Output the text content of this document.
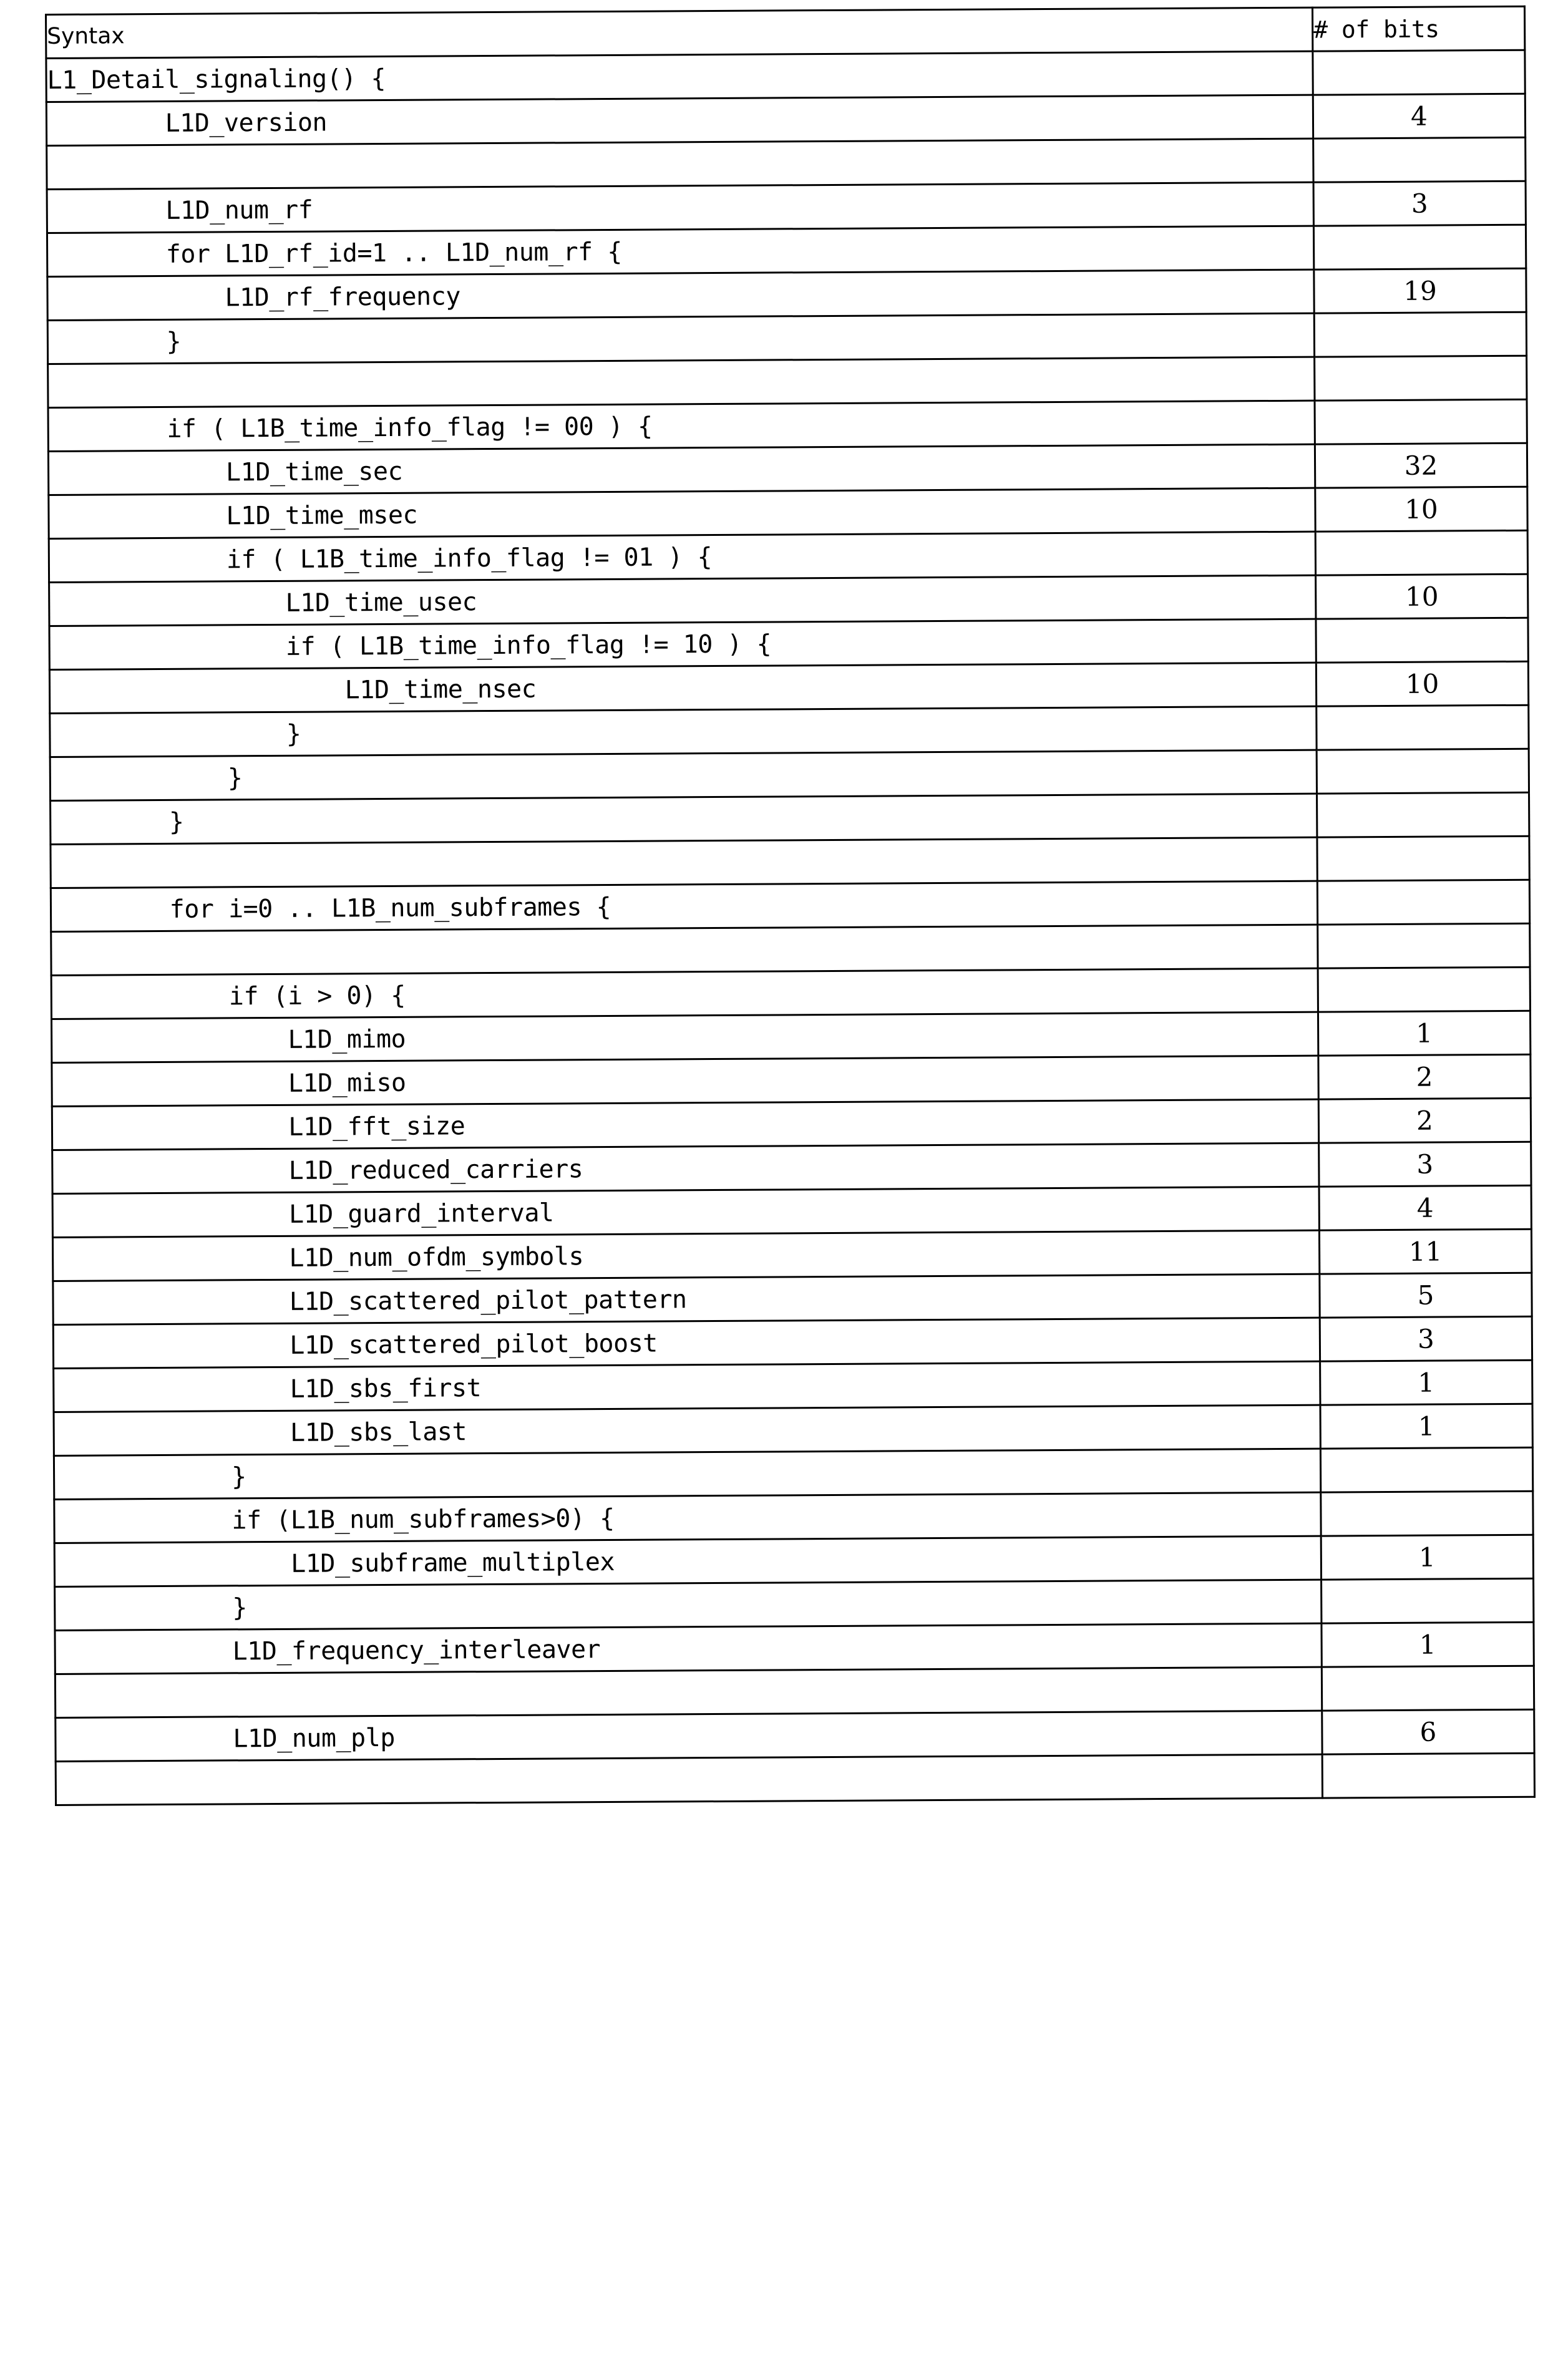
Syntax	# of bits
L1_Detail_signaling() {	
L1D_version	4

L1D_num_rf	3
for L1D_rf_id=1 .. L1D_num_rf {	
L1D_rf_frequency	19
}	

if ( L1B_time_info_flag != 00 ) {	
L1D_time_sec	32
L1D_time_msec	10
if ( L1B_time_info_flag != 01 ) {	
L1D_time_usec	10
if ( L1B_time_info_flag != 10 ) {	
L1D_time_nsec	10
}	
}	
}	

for i=0 .. L1B_num_subframes {	

if (i > 0) {	
L1D_mimo	1
L1D_miso	2
L1D_fft_size	2
L1D_reduced_carriers	3
L1D_guard_interval	4
L1D_num_ofdm_symbols	11
L1D_scattered_pilot_pattern	5
L1D_scattered_pilot_boost	3
L1D_sbs_first	1
L1D_sbs_last	1
}	
if (L1B_num_subframes>0) {	
L1D_subframe_multiplex	1
}	
L1D_frequency_interleaver	1

L1D_num_plp	6
